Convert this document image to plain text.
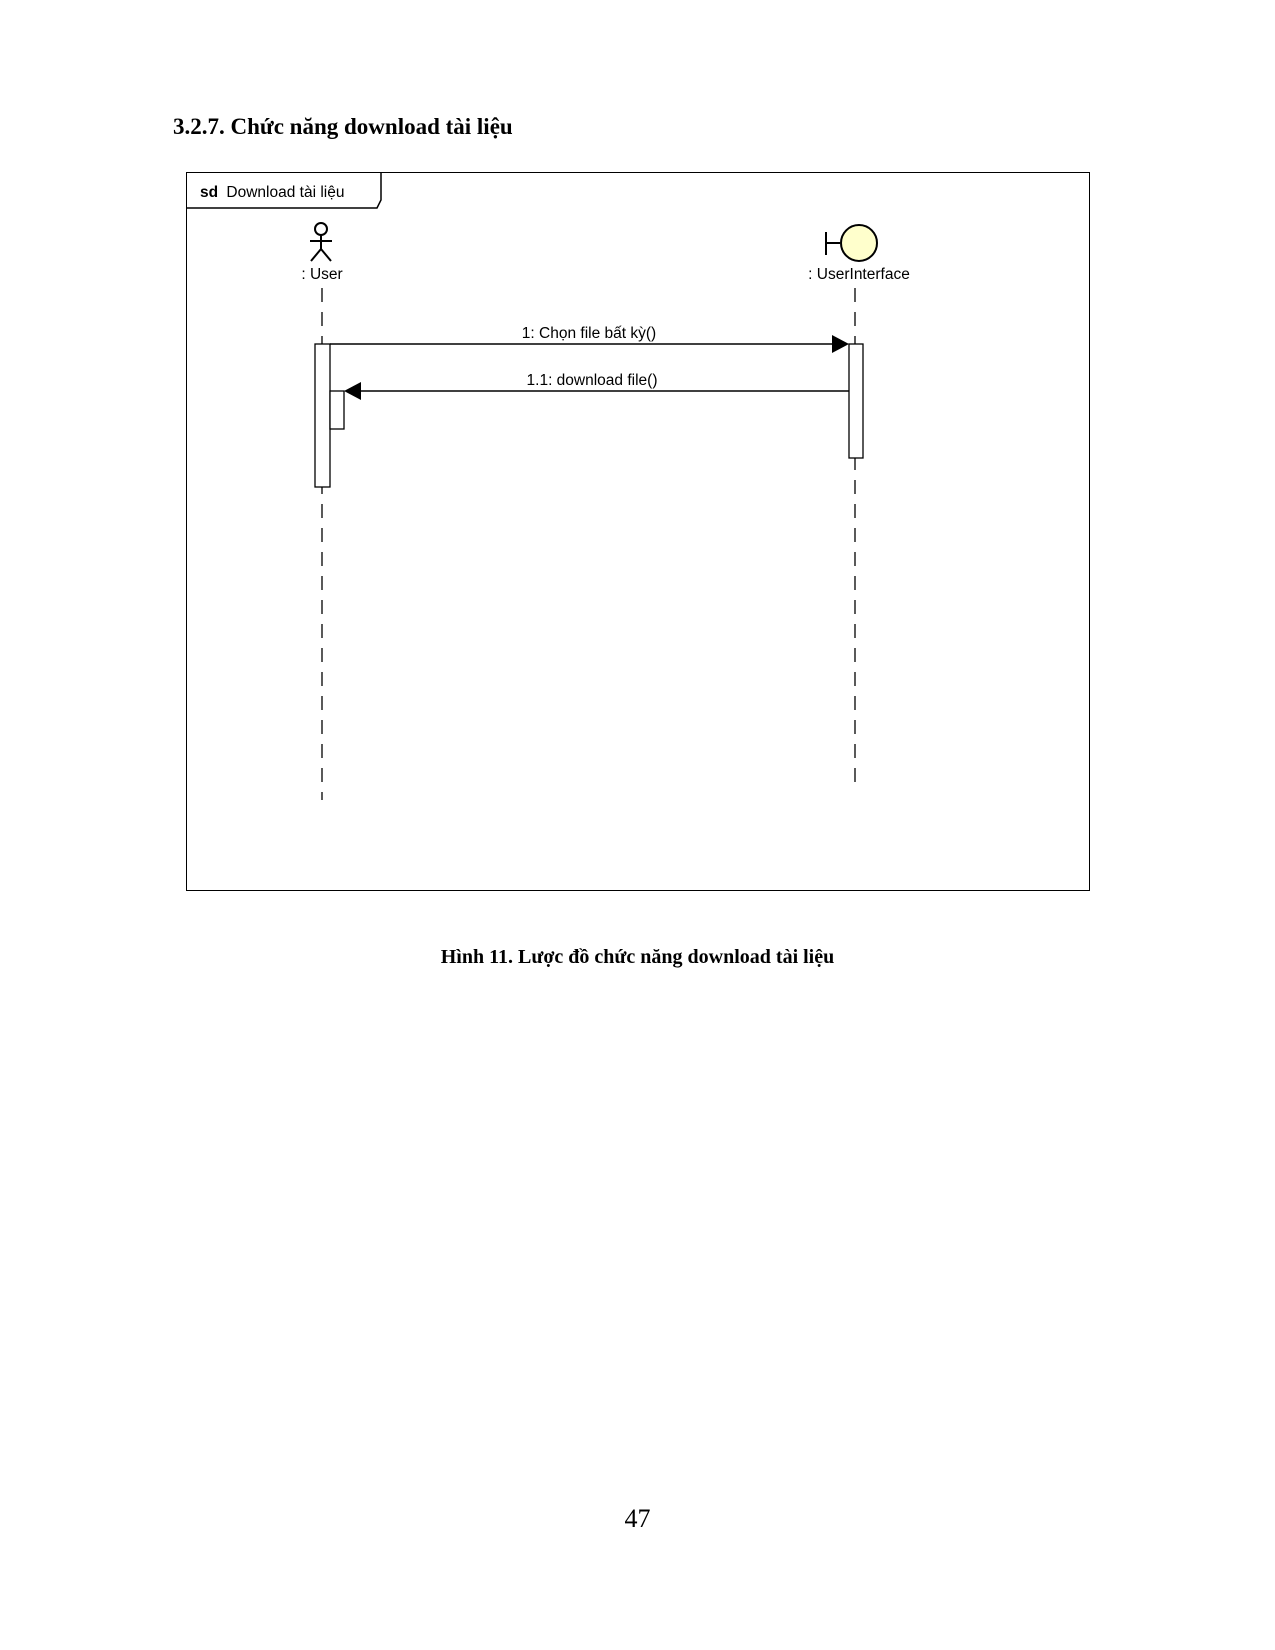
3.2.7. Chức năng download tài liệu
sd Download tài liệu
: User	: UserInterface
1: Chọn file bất kỳ()
1.1: download file()
Hình 11. Lược đồ chức năng download tài liệu
47
